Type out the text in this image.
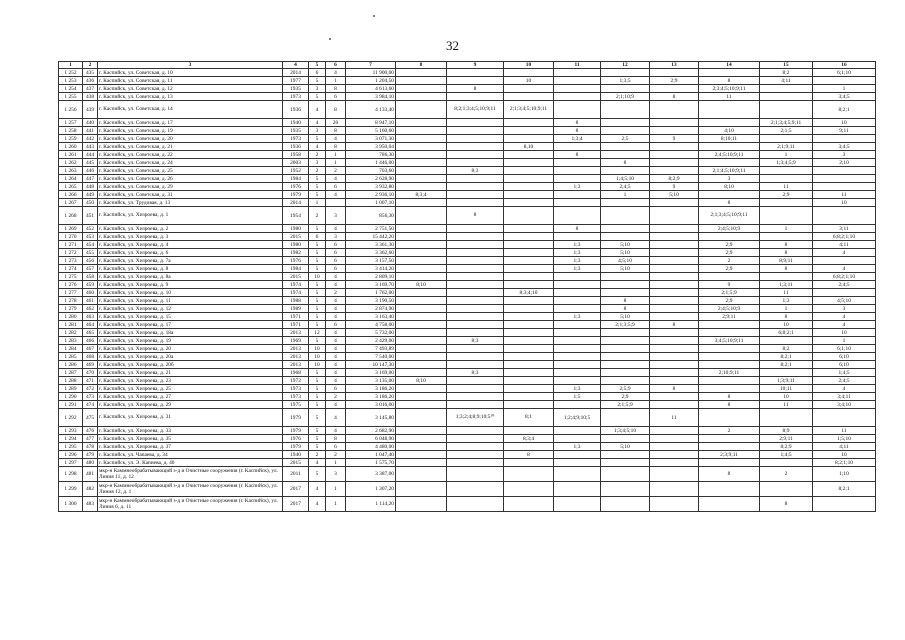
32
1	2	3	4	5	6	7	8	9	10	11	12	13	14	15	16
1 252	435	г. Каспийск, ул. Советская, д. 10	2014	6	4	11 900,00								8;2	6;1;10
1 253	436	г. Каспийск, ул. Советская, д. 11	1977	5	1	1 204,50			10		1;3;5	2;9	8	4;11	
1 254	437	г. Каспийск, ул. Советская, д. 12	1935	3	8	4 613,60		8					2;3;4;5;10;9;11		1
1 255	438	г. Каспийск, ул. Советская, д. 13	1973	5	6	3 984,10					2;1;10;9	8	11		3;4;5
1 256	439	г. Каспийск, ул. Советская, д. 14	1936	4	8	4 133,40		8;2;1;3;4;5;10;9;11	2;1;3;4;5;10;9;11						8;2;1
1 257	440	г. Каспийск, ул. Советская, д. 17	1940	4	20	8 947,10				8				2;1;3;4;5;9;11	10
1 258	441	г. Каспийск, ул. Советская, д. 19	1935	3	8	5 160,60				8			4;10	2;1;5	9;11
1 259	442	г. Каспийск, ул. Советская, д. 20	1973	5	4	3 071,30				1;3;4	2;5	9	8;10;11		
1 260	443	г. Каспийск, ул. Советская, д. 21	1936	4	8	3 950,04			8,10					2;1;9;11	3;4;5
1 261	444	г. Каспийск, ул. Советская, д. 22	1958	2	1	786,30				8			2;4;5;10;9;11	1	3
1 262	445	г. Каспийск, ул. Советская, д. 24	2003	3	1	1 446,00					8			1;3;4;5;9	2;10
1 263	446	г. Каспийск, ул. Советская, д. 25	1952	2	2	703,60		8;3					2;1;4;5;10;9;11		
1 264	447	г. Каспийск, ул. Советская, д. 26	1984	5	4	2 628,90					1;4;5;10	8;2;9	3		
1 265	448	г. Каспийск, ул. Советская, д. 29	1976	5	6	3 932,80				1;3	2;4;5	9	8;10	11	
1 266	449	г. Каспийск, ул. Советская, д. 31	1979	5	4	2 936,10	8;3;4				1	5;10		2;9	11
1 267	450	г. Каспийск, ул. Трудовая, д. 13	2014	1		1 007,10							8		10
1 268	451	г. Каспийск, ул. Хизроева, д. 1	1954	2	3	856,30		8					2;1;3;4;5;10;9;11		
1 269	452	г. Каспийск, ул. Хизроева, д. 2	1980	5	4	2 751,50				8			2;4;5;10;9	1	3;11
1 270	453	г. Каспийск, ул. Хизроева, д. 3	2015	6	3	15 442,20									6;8;2;1;10
1 271	454	г. Каспийск, ул. Хизроева, д. 4	1980	5	6	3 361,30				1;3	5;10		2;9	8	4;11
1 272	455	г. Каспийск, ул. Хизроева, д. 6	1982	5	6	3 362,60				1;3	5;10		2;9	8	4
1 273	456	г. Каспийск, ул. Хизроева, д. 7а	1976	5	6	3 157,50				1;3	4;5;10		2	8;9;11	
1 274	457	г. Каспийск, ул. Хизроева, д. 8	1984	5	6	3 414,20				1;3	5;10		2;9	8	4
1 275	458	г. Каспийск, ул. Хизроева, д. 8а	2015	10	4	2 809,10									6;8;2;1;10
1 276	459	г. Каспийск, ул. Хизроева, д. 9	1974	5	4	3 169,70	8;10						9	1;3;11	2;4;5
1 277	460	г. Каспийск, ул. Хизроева, д. 10	1974	5	2	1 762,00			8;3;4;10				2;1;5;9	11	
1 278	461	г. Каспийск, ул. Хизроева, д. 11	1988	5	4	3 190,50					8		2;9	1;3	4;5;10
1 279	462	г. Каспийск, ул. Хизроева, д. 12	1989	5	4	2 874,90					8		2;4;5;10;9	1	3
1 280	463	г. Каспийск, ул. Хизроева, д. 15	1971	5	4	3 163,40				1;3	5;10		2;9;11	8	4
1 281	464	г. Каспийск, ул. Хизроева, д. 17	1971	5	6	4 758,00					2;1;3;5;9	8		10	4
1 282	465	г. Каспийск, ул. Хизроева, д. 18а	2013	12	4	5 732,00								6;8;2;1	10
1 283	466	г. Каспийск, ул. Хизроева, д. 19	1969	5	4	2 429,00		8;3					3;4;5;10;9;11		1
1 284	467	г. Каспийск, ул. Хизроева, д. 20	2013	10	4	7 493,89								8;2	6;1;10
1 285	468	г. Каспийск, ул. Хизроева, д. 20а	2013	10	4	7 540,00								8;2;1	6;10
1 286	469	г. Каспийск, ул. Хизроева, д. 20б	2013	10	4	10 147,30								8;2;1	6;10
1 287	470	г. Каспийск, ул. Хизроева, д. 21	1968	5	4	3 169,00		8;3					2;10;9;11		1;4;5
1 288	471	г. Каспийск, ул. Хизроева, д. 23	1972	5	4	3 135,00	8;10							1;3;9;11	2;4;5
1 289	472	г. Каспийск, ул. Хизроева, д. 25	1973	5	6	3 186,20				1;3	2;5;9	8		10;11	4
1 290	473	г. Каспийск, ул. Хизроева, д. 27	1973	5	2	3 186,20				1;5	2;9		8	10	3;4;11
1 291	474	г. Каспийск, ул. Хизроева, д. 29	1975	5	4	3 016,00					2;1;5;9		8	11	3;4;10
1 292	475	г. Каспийск, ул. Хизроева, д. 31	1979	5	4	3 145,80		1;3;2;4;8;9;10;5¹⁰	8;1	1;2;4;9;10;5		11			
1 293	476	г. Каспийск, ул. Хизроева, д. 33	1979	5	4	2 682,90					1;3;4;5;10		2	8;9	11
1 294	477	г. Каспийск, ул. Хизроева, д. 35	1976	5	8	6 048,90			8;3;4					2;9;11	1;5;10
1 295	478	г. Каспийск, ул. Хизроева, д. 37	1979	5	6	4 480,00				1;3	5;10			8;2;9	4;11
1 296	479	г. Каспийск, ул. Чапаева, д. 34	1940	2	2	1 047,40			8				2;3;9;11	1;4;5	10
1 297	480	г. Каспийск, ул. Э. Капиева, д. 40	2015	4	1	1 575,70									8;2;1;10
1 298	481	мкр-н Каммнеобрабатывающий з-д и Очистные сооружения (г. Каспийск), ул. Линия 11, д. 12	2011	5	3	3 387,00							8	2	1;10
1 299	482	мкр-н Каммнеобрабатывающий з-д и Очистные сооружения (г. Каспийск), ул. Линия 12, д. 1	2017	4	1	1 307,20									8;2;1
1 300	483	мкр-н Каммнеобрабатывающий з-д и Очистные сооружения (г. Каспийск), ул. Линия 6, д. 11	2017	4	1	1 114,20								8	
